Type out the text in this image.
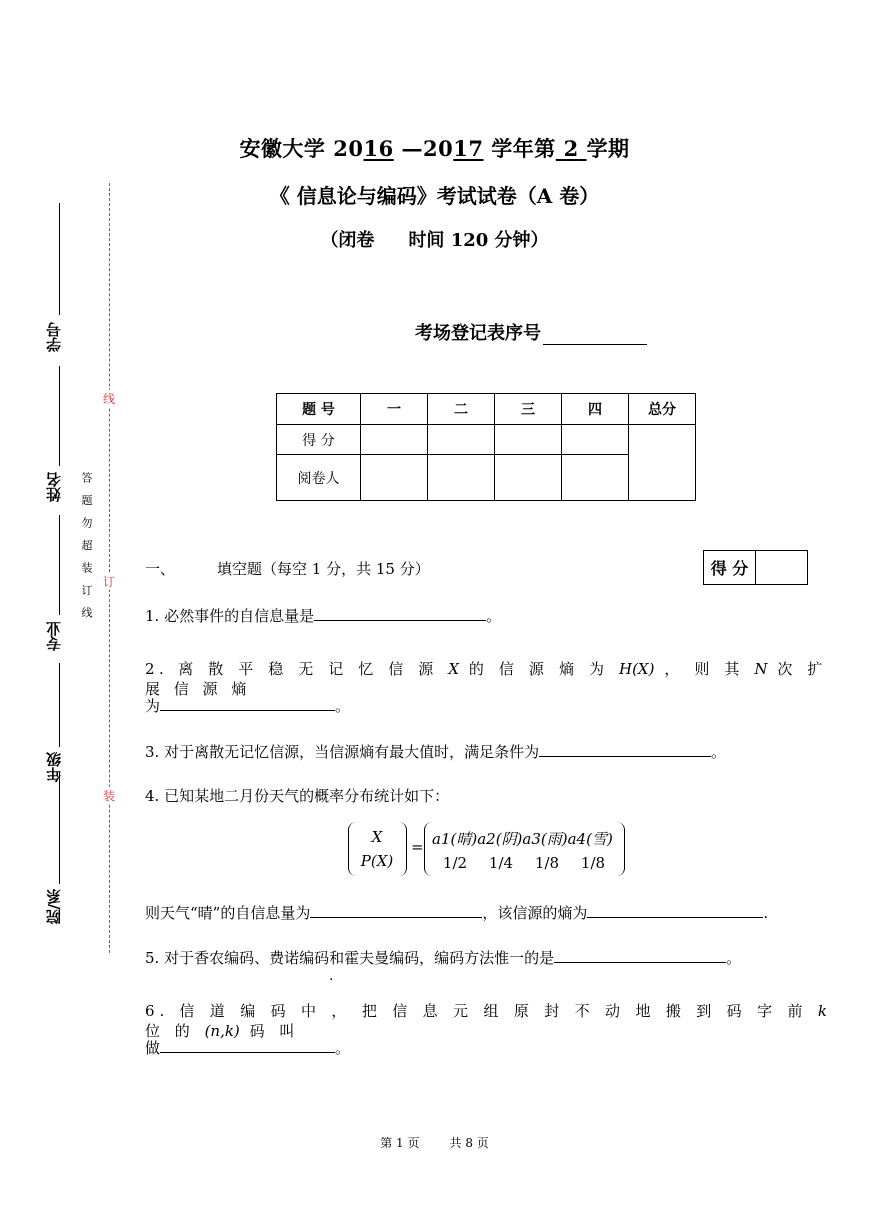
安徽大学 2016 —2017 学年第 2 学期
《 信息论与编码》考试试卷（A 卷）
（闭卷 时间 120 分钟）
考场登记表序号
题 号	一	二	三	四	总分
得 分					
阅卷人					
学号
姓名
专业
年级
院/系
答 题 勿 超 装 订 线
线
订
装
一、	填空题（每空 1 分，共 15 分）	得 分	
1. 必然事件的自信息量是	。
2. 离 散 平 稳 无 记 忆 信 源 X 的 信 源 熵 为 H(X) ， 则 其 N 次 扩 展 信 源 熵
为	。
3. 对于离散无记忆信源，当信源熵有最大值时，满足条件为	。
4. 已知某地二月份天气的概率分布统计如下：
X
P(X)
= a1(晴)a2(阴)a3(雨)a4(雪)
1/2 1/4 1/8 1/8
则天气“晴”的自信息量为	，该信源的熵为	.
5. 对于香农编码、费诺编码和霍夫曼编码，编码方法惟一的是	。
·
6. 信 道 编 码 中 ， 把 信 息 元 组 原 封 不 动 地 搬 到 码 字 前 k 位 的 (n,k) 码 叫
做	。
第 1 页	共 8 页
